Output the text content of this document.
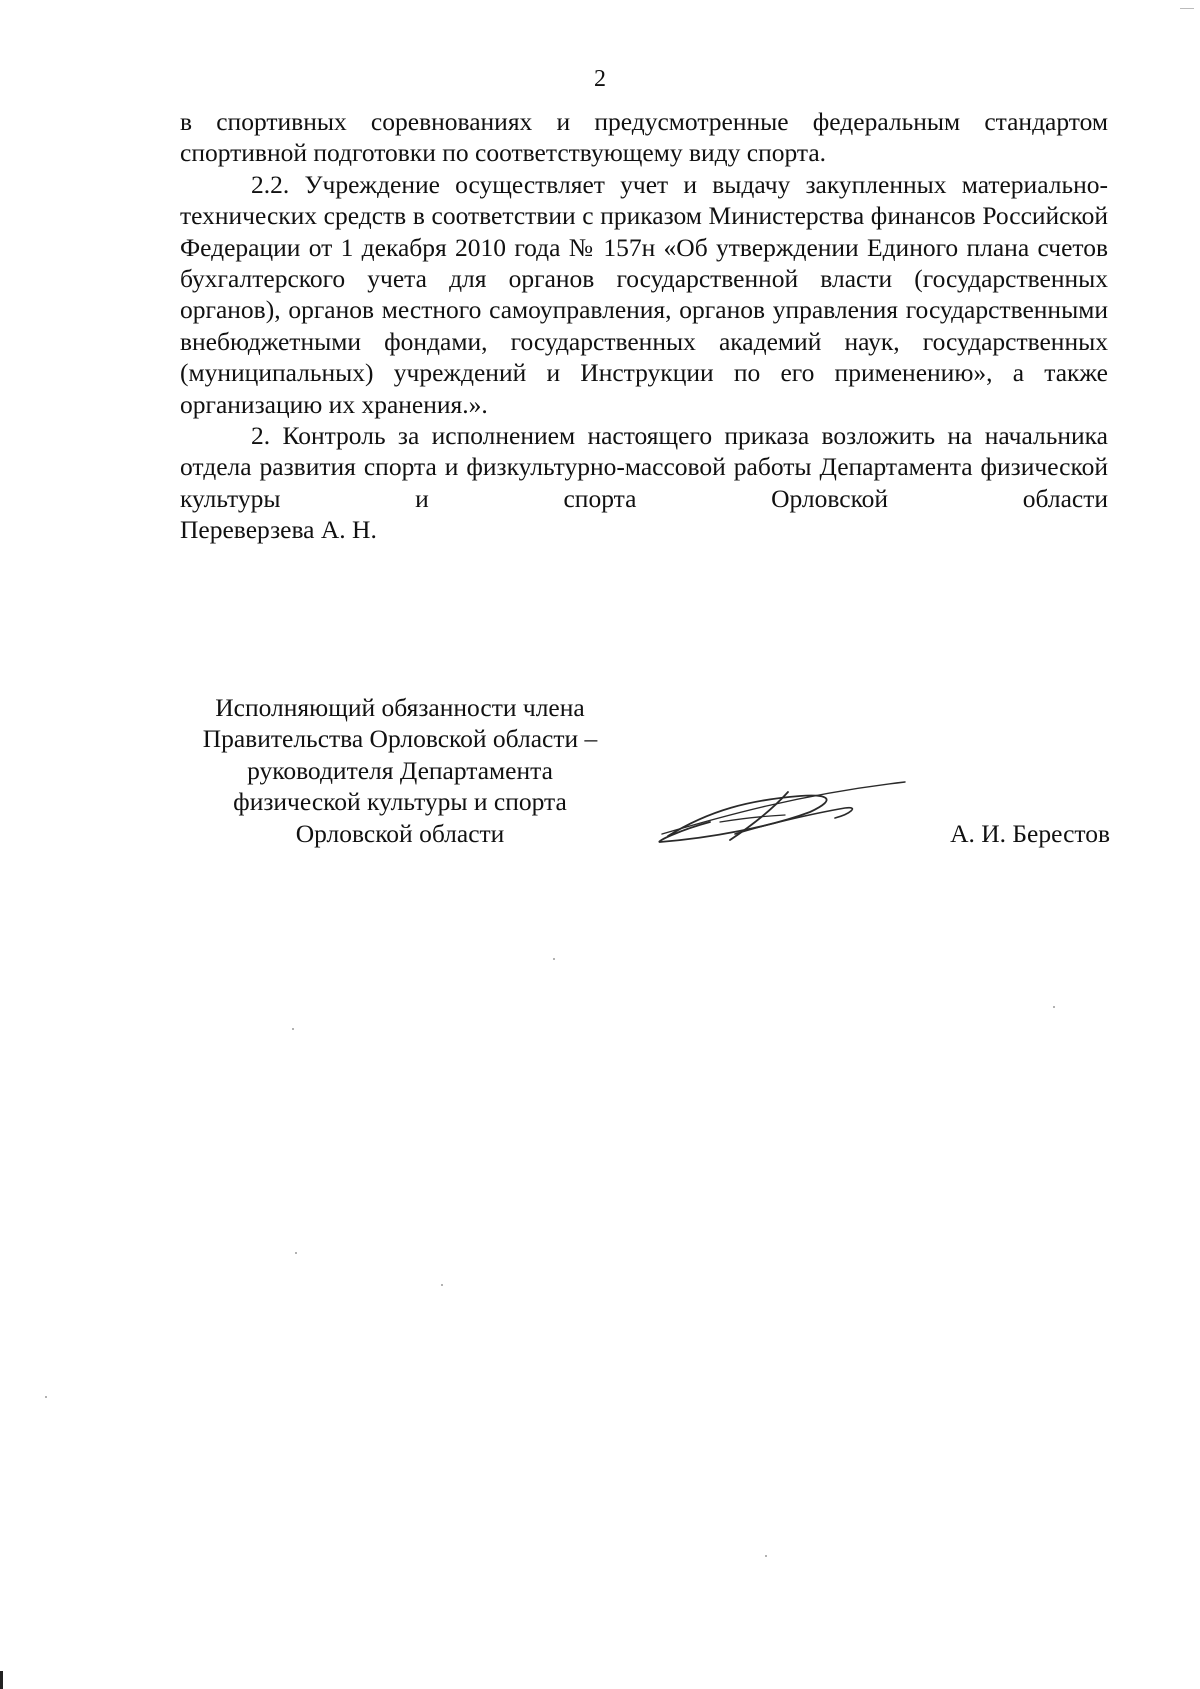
2

в спортивных соревнованиях и предусмотренные федеральным стандартом спортивной подготовки по соответствующему виду спорта.

2.2. Учреждение осуществляет учет и выдачу закупленных материально-технических средств в соответствии с приказом Министерства финансов Российской Федерации от 1 декабря 2010 года № 157н «Об утверждении Единого плана счетов бухгалтерского учета для органов государственной власти (государственных органов), органов местного самоуправления, органов управления государственными внебюджетными фондами, государственных академий наук, государственных (муниципальных) учреждений и Инструкции по его применению», а также организацию их хранения.».

2. Контроль за исполнением настоящего приказа возложить на начальника отдела развития спорта и физкультурно-массовой работы Департамента физической культуры и спорта Орловской области

Переверзева А. Н.

Исполняющий обязанности члена
Правительства Орловской области –
руководителя Департамента
физической культуры и спорта
Орловской области	А. И. Берестов
